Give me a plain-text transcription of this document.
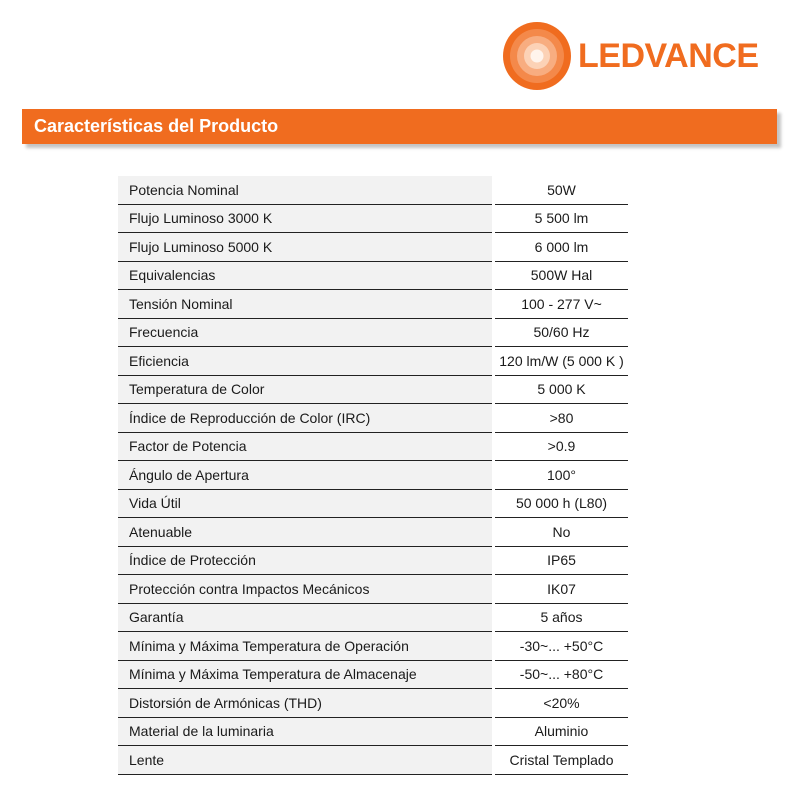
LEDVANCE
Características del Producto
Potencia Nominal	50W
Flujo Luminoso 3000 K	5 500 lm
Flujo Luminoso 5000 K	6 000 lm
Equivalencias	500W Hal
Tensión Nominal	100 - 277 V~
Frecuencia	50/60 Hz
Eficiencia	120 lm/W (5 000 K )
Temperatura de Color	5 000 K
Índice de Reproducción de Color (IRC)	>80
Factor de Potencia	>0.9
Ángulo de Apertura	100°
Vida Útil	50 000 h (L80)
Atenuable	No
Índice de Protección	IP65
Protección contra Impactos Mecánicos	IK07
Garantía	5 años
Mínima y Máxima Temperatura de Operación	-30~... +50°C
Mínima y Máxima Temperatura de Almacenaje	-50~... +80°C
Distorsión de Armónicas (THD)	<20%
Material de la luminaria	Aluminio
Lente	Cristal Templado
